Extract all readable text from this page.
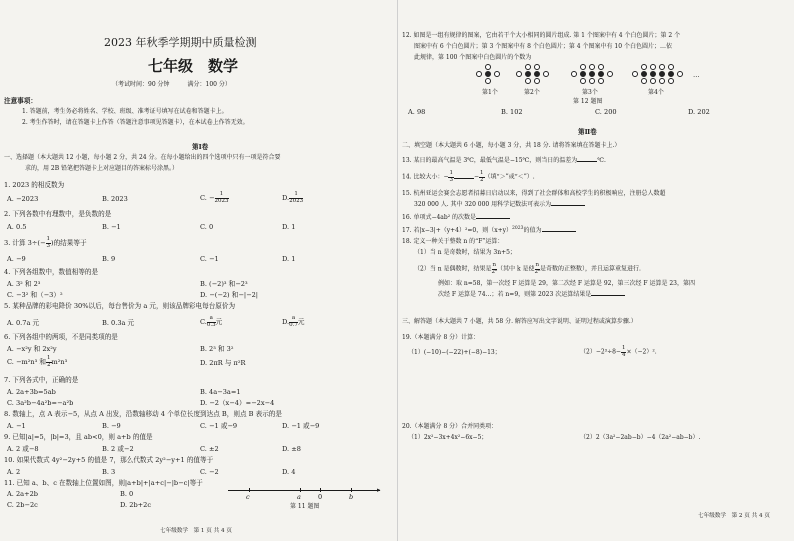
2023 年秋季学期期中质量检测
七年级　数学
（考试时间：90 分钟　　　满分：100 分）
注意事项：
1. 答题前，考生务必将姓名、学校、班级、准考证号填写在试卷和答题卡上。
2. 考生作答时，请在答题卡上作答（答题注意事项见答题卡），在本试卷上作答无效。
第Ⅰ卷
一、选择题（本大题共 12 小题，每小题 2 分，共 24 分。在每小题给出的四个选项中只有一项是符合要
求的，用 2B 铅笔把答题卡上对应题目的答案标号涂黑。）
1. 2023 的相反数为
A. −2023	B. 2023	C. − $\frac{1}{2023}$	D. $\frac{1}{2023}$
2. 下列各数中有理数中，是负数的是
A. 0.5	B. −1	C. 0	D. 1
3. 计算 $3\div(- \frac{1}{3}$ )的结果等于
A. −9	B. 9	C. −1	D. 1
4. 下列各组数中，数值相等的是
A. 3² 和 2³	B. (−2)³ 和−2³
C. −3² 和（−3）²	D. −(−2) 和−|−2|
5. 某种品牌的彩电降价 30%以后，每台售价为 a 元，则该品牌彩电每台原价为
A. 0.7a 元	B. 0.3a 元	C. $\frac{a}{0.3}$ 元	D. $\frac{a}{0.7}$ 元
6. 下列各组中的两项，不是同类项的是
A. −x²y 和 2x²y	B. 2³ 和 3²
C. −m²n³ 和 $\frac{1}{2} m^2n^3$	D. 2πR 与 π²R
7. 下列各式中，正确的是
A. 2a+3b=5ab	B. 4a−3a=1
C. 3a²b−4a²b=−a²b	D. −2（x−4）=−2x−4
8. 数轴上，点 A 表示−5，从点 A 出发，沿数轴移动 4 个单位长度到达点 B，则点 B 表示的是
A. −1	B. −9	C. −1 或−9	D. −1 或−9
9. 已知|a|=5，|b|=3，且 ab<0，则 a+b 的值是
A. 2 或−8	B. 2 或−2	C. ±2	D. ±8
10. 如果代数式 4y²−2y+5 的值是 7，那么代数式 2y²−y+1 的值等于
A. 2	B. 3	C. −2	D. 4
11. 已知 a、b、c 在数轴上位置如图，则|a+b|+|a+c|−|b−c|等于
A. 2a+2b	B. 0
C. 2b−2c	D. 2b+2c
▸
c	a	0	b
第 11 题图
七年级数学　第 1 页 共 4 页
12. 如图是一组有规律的图案，它由若干个大小相同的圆片组成. 第 1 个图案中有 4 个白色圆片；第 2 个
图案中有 6 个白色圆片；第 3 个图案中有 8 个白色圆片；第 4 个图案中有 10 个白色圆片；…依
此规律，第 100 个图案中白色圆片的个数为
…
第1个	第2个	第3个	第4个
第 12 题图
A. 98	B. 102	C. 200	D. 202
第Ⅱ卷
二、填空题（本大题共 6 小题，每小题 3 分，共 18 分. 请将答案填在答题卡上.）
13. 某日的最高气温是 3℃，最低气温是−15℃，则当日的温差为	℃.
14. 比较大小：− $\frac{1}{3}$	− $\frac{1}{2}$ （填“＞”或“＜”）.
15. 杭州亚运会赛会志愿者招募日启动以来，得到了社会群体和高校学生的积极响应，注册总人数超
320 000 人. 其中 320 000 用科学记数法可表示为
16. 单项式−4ab² 的次数是
17. 若|x−3|+（y+4）²=0，则$(x+y)^{2023}$的值为
18. 定义一种关于整数 n 的“F”运算：
（1）当 n 是奇数时，结果为 3n+5；
（2）当 n 是偶数时，结果是 $\frac{n}{\text{2ᵏ}}$ （其中 k 是使 $\frac{n}{\text{2ᵏ}}$ 是奇数的正整数），并且运算重复进行.
例如：取 n=58，第一次经 F 运算是 29，第二次经 F 运算是 92，第三次经 F 运算是 23，第四
次经 F 运算是 74…；若 n=9，则第 2023 次运算结果是
三、解答题（本大题共 7 小题，共 58 分. 解答应写出文字说明、证明过程或演算步骤.）
19.（本题满分 8 分）计算：
（1）(−10)−(−22)+(−8)−13；	$(2)-2^3\div 8- \frac{1}{4} \times(-2)^2$.
20.（本题满分 8 分）合并同类项：
（1）2x²−3x+4x²−6x−5；	（2）2（3a²−2ab−b）−4（2a²−ab−b）.
七年级数学　第 2 页 共 4 页
